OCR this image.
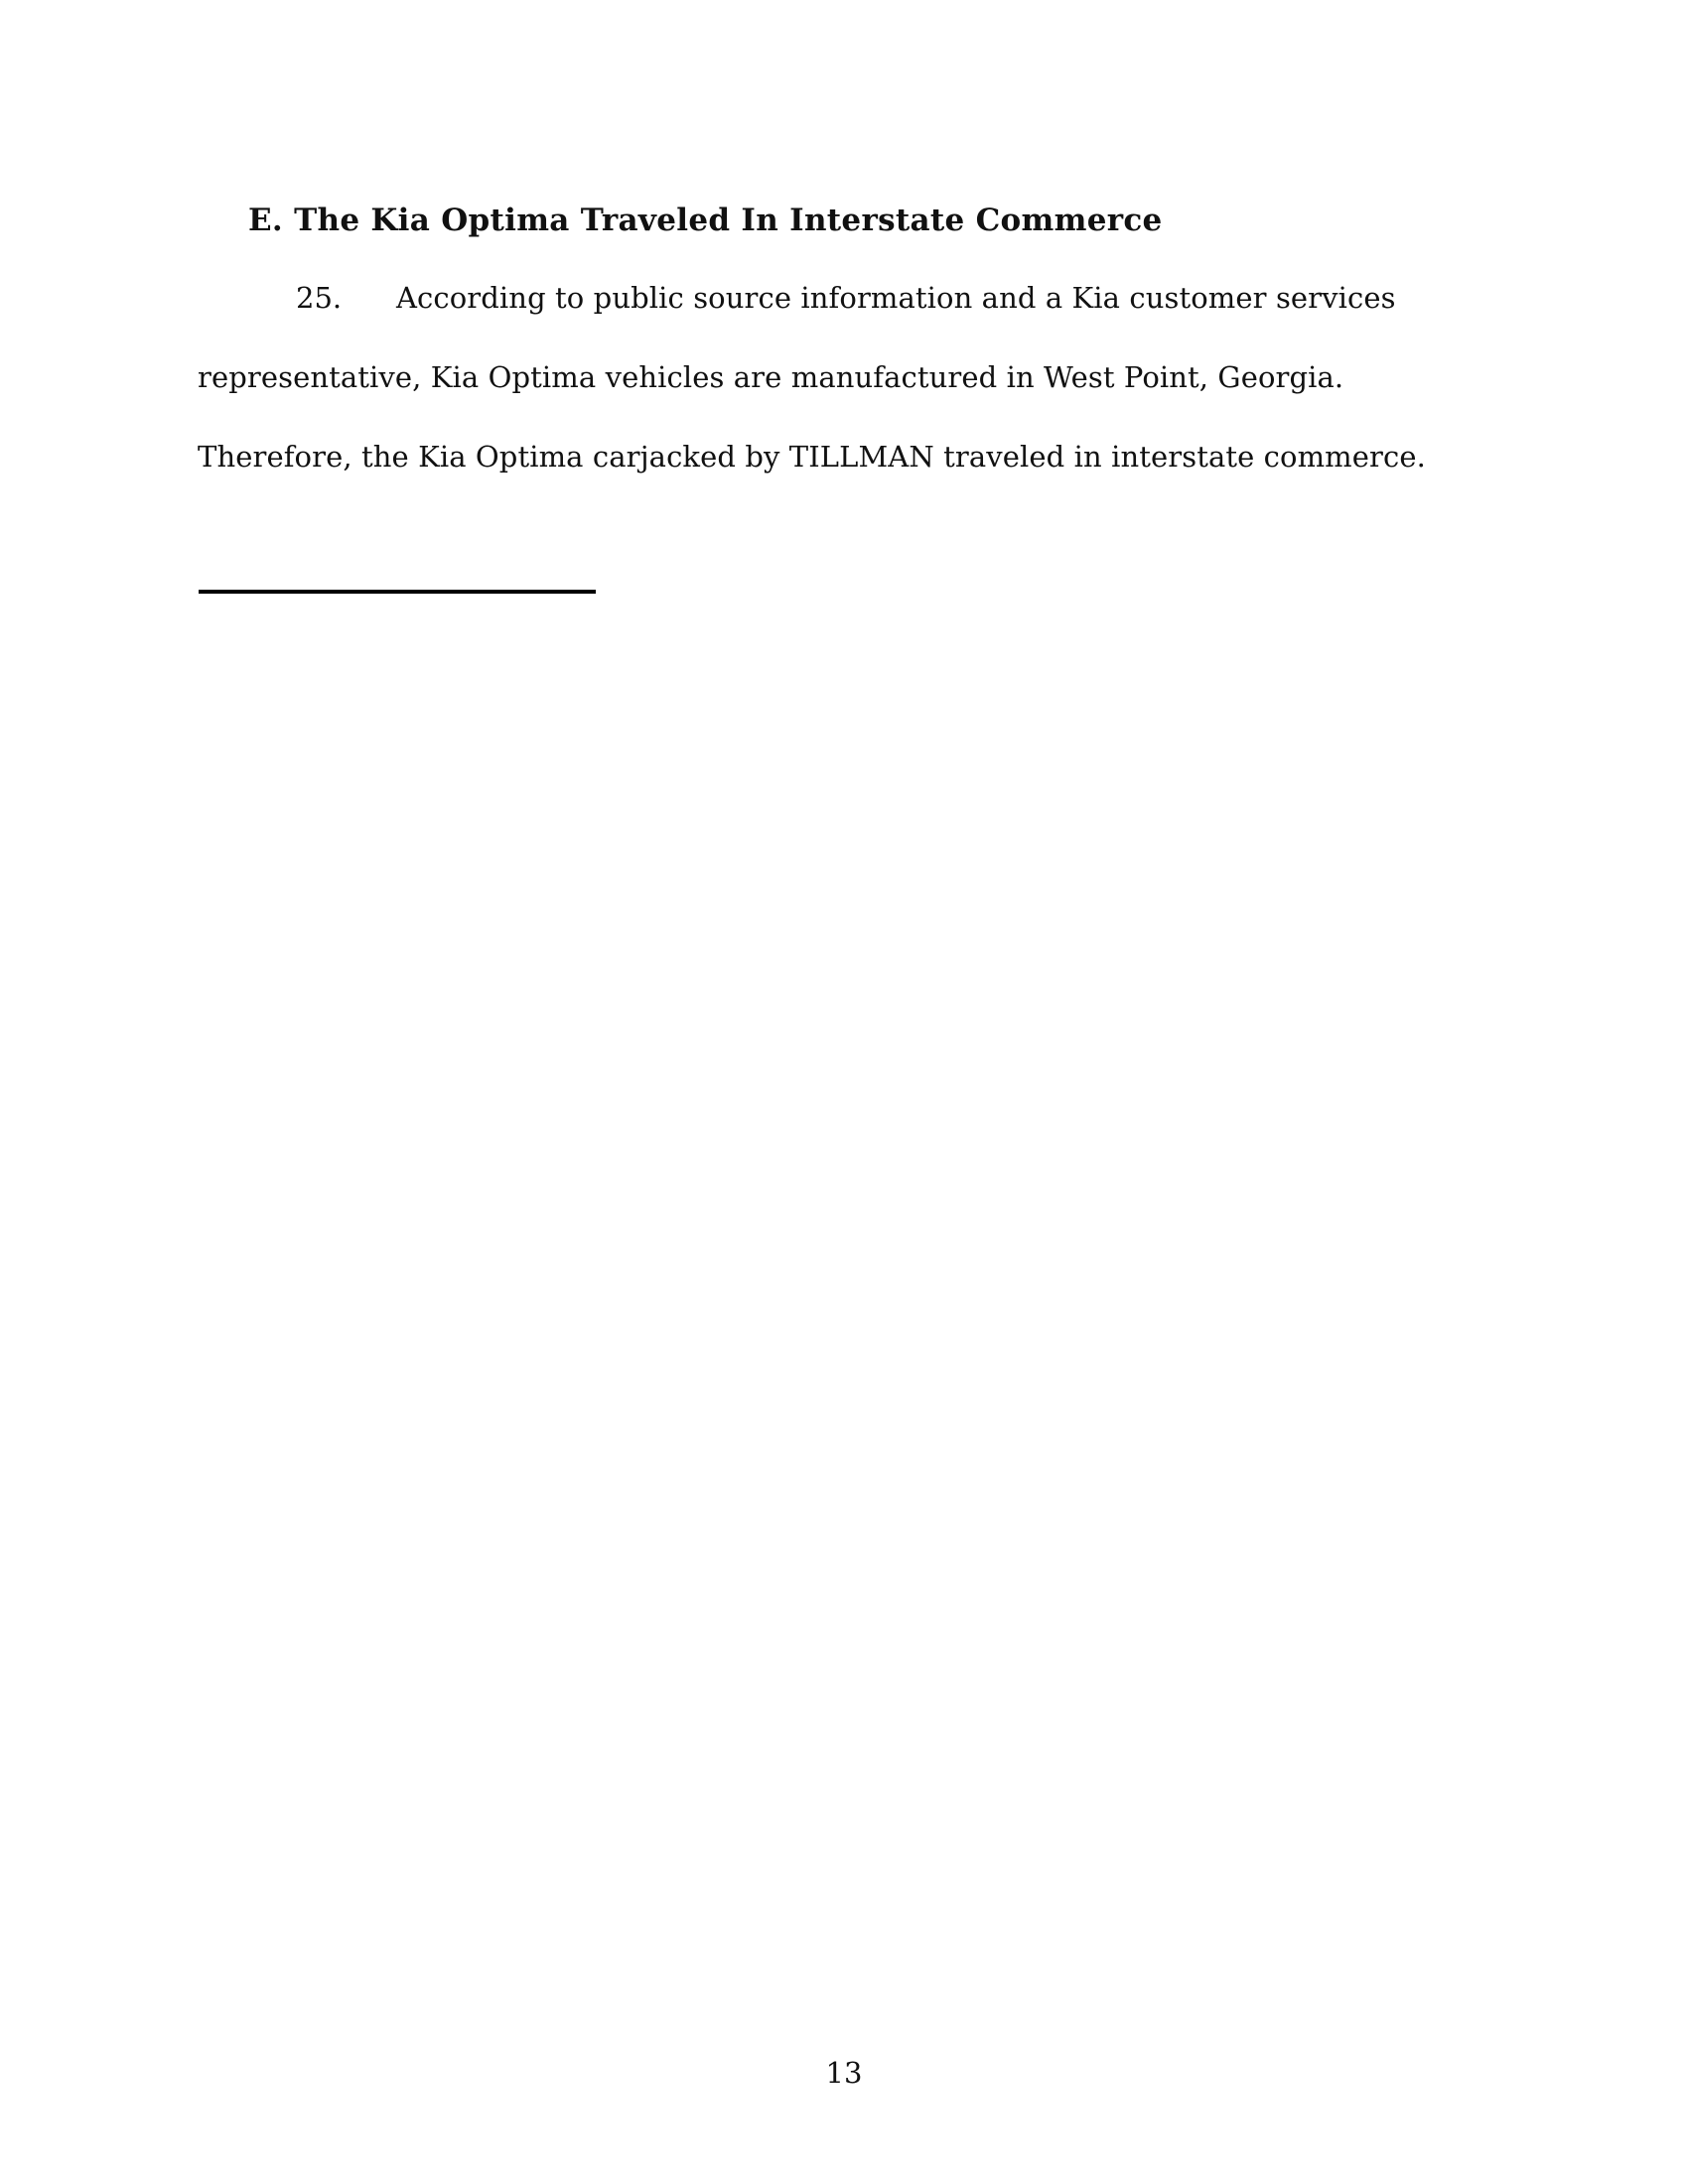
E. The Kia Optima Traveled In Interstate Commerce

25. According to public source information and a Kia customer services

representative, Kia Optima vehicles are manufactured in West Point, Georgia.

Therefore, the Kia Optima carjacked by TILLMAN traveled in interstate commerce.

13
